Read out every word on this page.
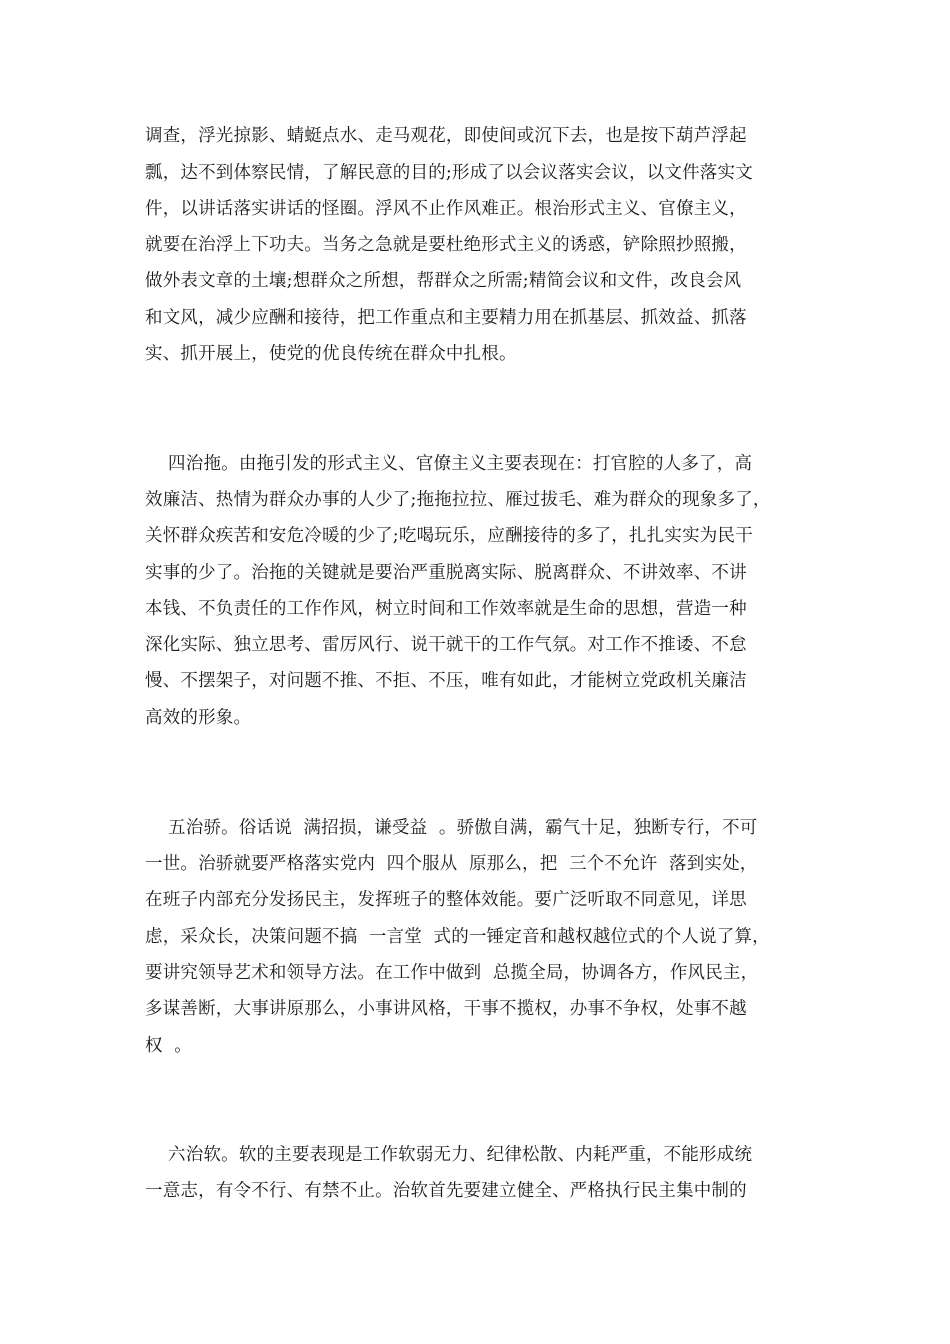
调查，浮光掠影、蜻蜓点水、走马观花，即使间或沉下去，也是按下葫芦浮起
瓢，达不到体察民情，了解民意的目的;形成了以会议落实会议，以文件落实文
件，以讲话落实讲话的怪圈。浮风不止作风难正。根治形式主义、官僚主义，
就要在治浮上下功夫。当务之急就是要杜绝形式主义的诱惑，铲除照抄照搬，
做外表文章的土壤;想群众之所想，帮群众之所需;精简会议和文件，改良会风
和文风，减少应酬和接待，把工作重点和主要精力用在抓基层、抓效益、抓落
实、抓开展上，使党的优良传统在群众中扎根。
四治拖。由拖引发的形式主义、官僚主义主要表现在：打官腔的人多了，高
效廉洁、热情为群众办事的人少了;拖拖拉拉、雁过拔毛、难为群众的现象多了，
关怀群众疾苦和安危冷暖的少了;吃喝玩乐，应酬接待的多了，扎扎实实为民干
实事的少了。治拖的关键就是要治严重脱离实际、脱离群众、不讲效率、不讲
本钱、不负责任的工作作风，树立时间和工作效率就是生命的思想，营造一种
深化实际、独立思考、雷厉风行、说干就干的工作气氛。对工作不推诿、不怠
慢、不摆架子，对问题不推、不拒、不压，唯有如此，才能树立党政机关廉洁
高效的形象。
五治骄。俗话说  满招损，谦受益  。骄傲自满，霸气十足，独断专行，不可
一世。治骄就要严格落实党内  四个服从  原那么，把  三个不允许  落到实处，
在班子内部充分发扬民主，发挥班子的整体效能。要广泛听取不同意见，详思
虑，采众长，决策问题不搞  一言堂  式的一锤定音和越权越位式的个人说了算，
要讲究领导艺术和领导方法。在工作中做到  总揽全局，协调各方，作风民主，
多谋善断，大事讲原那么，小事讲风格，干事不揽权，办事不争权，处事不越
权  。
六治软。软的主要表现是工作软弱无力、纪律松散、内耗严重，不能形成统
一意志，有令不行、有禁不止。治软首先要建立健全、严格执行民主集中制的
